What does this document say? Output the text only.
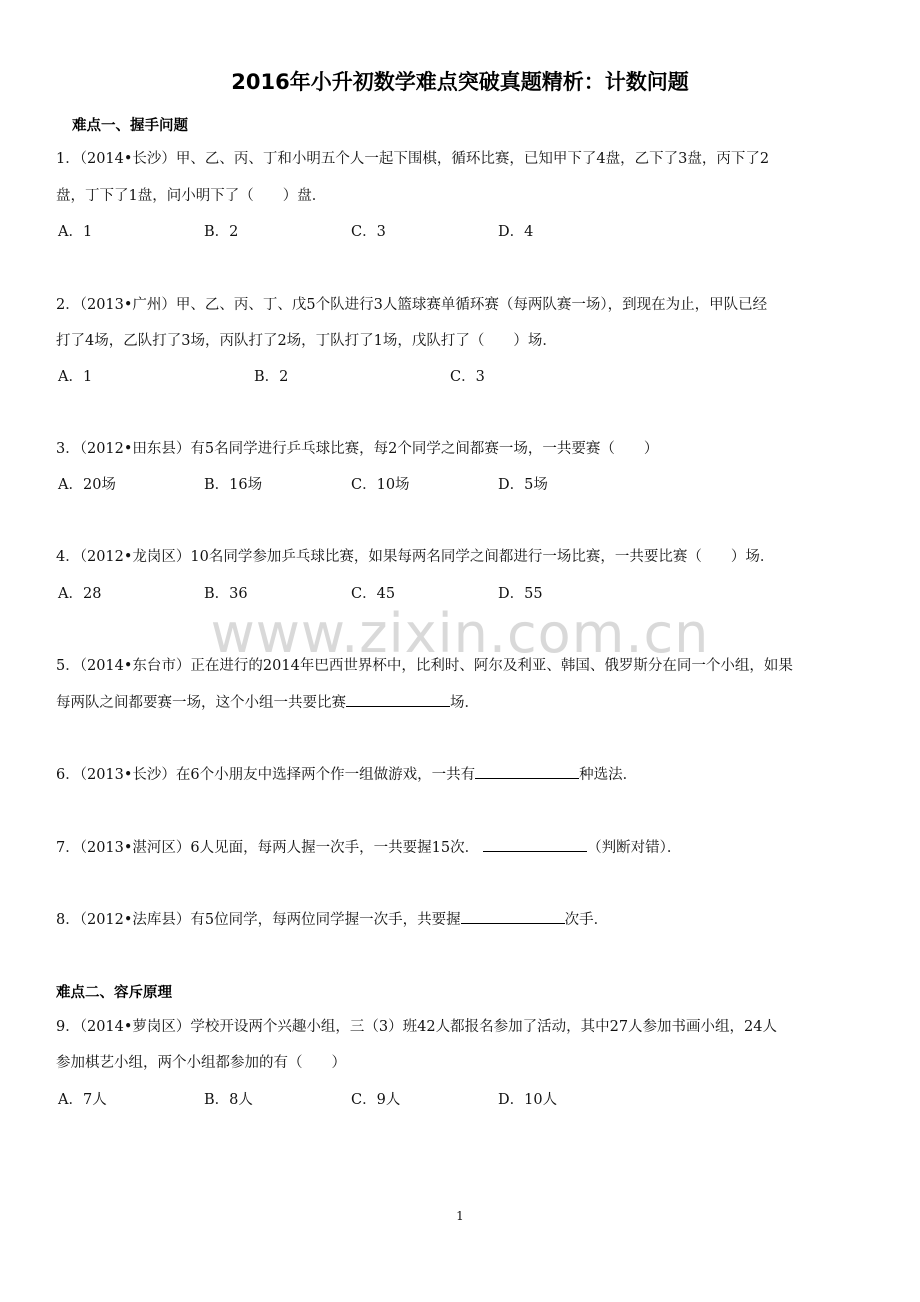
2016年小升初数学难点突破真题精析：计数问题
难点一、握手问题
1．（2014•长沙）甲、乙、丙、丁和小明五个人一起下围棋，循环比赛，已知甲下了4盘，乙下了3盘，丙下了2
盘，丁下了1盘，问小明下了（　　）盘．
A．1	B．2	C．3	D．4
2．（2013•广州）甲、乙、丙、丁、戊5个队进行3人篮球赛单循环赛（每两队赛一场），到现在为止，甲队已经
打了4场，乙队打了3场，丙队打了2场，丁队打了1场，戊队打了（　　）场．
A．1	B．2	C．3
3．（2012•田东县）有5名同学进行乒乓球比赛，每2个同学之间都赛一场，一共要赛（　　）
A．20场	B．16场	C．10场	D．5场
4．（2012•龙岗区）10名同学参加乒乓球比赛，如果每两名同学之间都进行一场比赛，一共要比赛（　　）场．
A．28	B．36	C．45	D．55
www.zixin.com.cn
5．（2014•东台市）正在进行的2014年巴西世界杯中，比利时、阿尔及利亚、韩国、俄罗斯分在同一个小组，如果
每两队之间都要赛一场，这个小组一共要比赛	场．
6．（2013•长沙）在6个小朋友中选择两个作一组做游戏，一共有	种选法．
7．（2013•湛河区）6人见面，每两人握一次手，一共要握15次．	（判断对错）．
8．（2012•法库县）有5位同学，每两位同学握一次手，共要握	次手．
难点二、容斥原理
9．（2014•萝岗区）学校开设两个兴趣小组，三（3）班42人都报名参加了活动，其中27人参加书画小组，24人
参加棋艺小组，两个小组都参加的有（　　）
A．7人	B．8人	C．9人	D．10人
1
